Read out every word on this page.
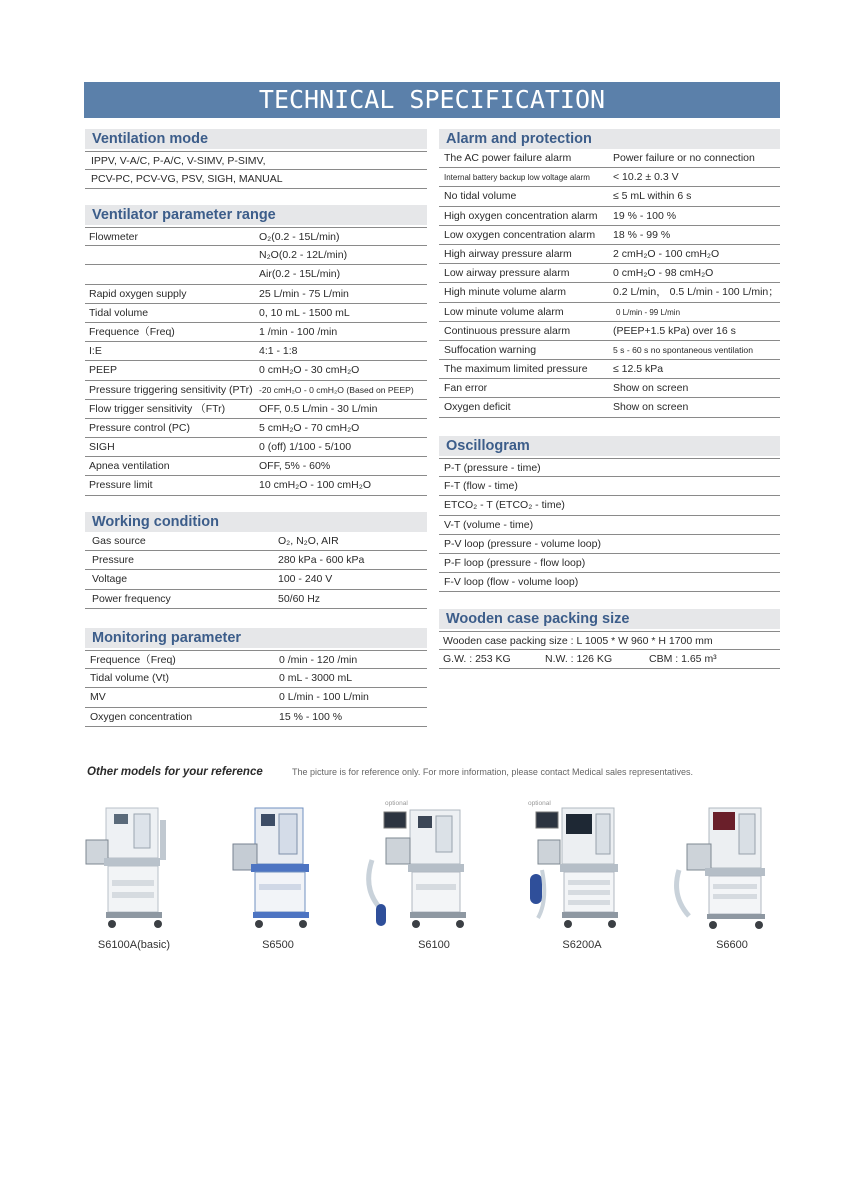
TECHNICAL SPECIFICATION
Ventilation mode
IPPV, V-A/C, P-A/C, V-SIMV, P-SIMV,
PCV-PC, PCV-VG, PSV, SIGH, MANUAL
Ventilator parameter range
Flowmeter	O₂(0.2 - 15L/min)
N₂O(0.2 - 12L/min)
Air(0.2 - 15L/min)
Rapid oxygen supply	25 L/min - 75 L/min
Tidal volume	0, 10 mL - 1500 mL
Frequence（Freq)	1 /min - 100 /min
I:E	4:1 - 1:8
PEEP	0 cmH₂O - 30 cmH₂O
Pressure triggering sensitivity (PTr) -20 cmH₂O - 0 cmH₂O (Based on PEEP)
Flow trigger sensitivity （FTr)	OFF, 0.5 L/min - 30 L/min
Pressure control (PC)	5 cmH₂O - 70 cmH₂O
SIGH	0 (off) 1/100 - 5/100
Apnea ventilation	OFF, 5% - 60%
Pressure limit	10 cmH₂O - 100 cmH₂O
Working condition
Gas source	O₂, N₂O, AIR
Pressure	280 kPa - 600 kPa
Voltage	100 - 240 V
Power frequency	50/60 Hz
Monitoring parameter
Frequence（Freq)	0 /min - 120 /min
Tidal volume (Vt)	0 mL - 3000 mL
MV	0 L/min - 100 L/min
Oxygen concentration	15 % - 100 %
Alarm and protection
The AC power failure alarm	Power failure or no connection
Internal battery backup low voltage alarm < 10.2 ± 0.3 V
No tidal volume	≤ 5 mL within 6 s
High oxygen concentration alarm 19 % - 100 %
Low oxygen concentration alarm 18 % - 99 %
High airway pressure alarm	2 cmH₂O - 100 cmH₂O
Low airway pressure alarm	0 cmH₂O - 98 cmH₂O
High minute volume alarm	0.2 L/min， 0.5 L/min - 100 L/min；
Low minute volume alarm	0 L/min - 99 L/min
Continuous pressure alarm	(PEEP+1.5 kPa) over 16 s
Suffocation warning	5 s - 60 s no spontaneous ventilation
The maximum limited pressure ≤ 12.5 kPa
Fan error	Show on screen
Oxygen deficit	Show on screen
Oscillogram
P-T (pressure - time)
F-T (flow - time)
ETCO₂ - T (ETCO₂ - time)
V-T (volume - time)
P-V loop (pressure - volume loop)
P-F loop (pressure - flow loop)
F-V loop (flow - volume loop)
Wooden case packing size
Wooden case packing size : L 1005 * W 960 * H 1700 mm
G.W. : 253 KG	N.W. : 126 KG	CBM : 1.65 m³
Other models for your reference	The picture is for reference only. For more information, please contact Medical sales representatives.
optional	optional
S6100A(basic)	S6500	S6100	S6200A	S6600
